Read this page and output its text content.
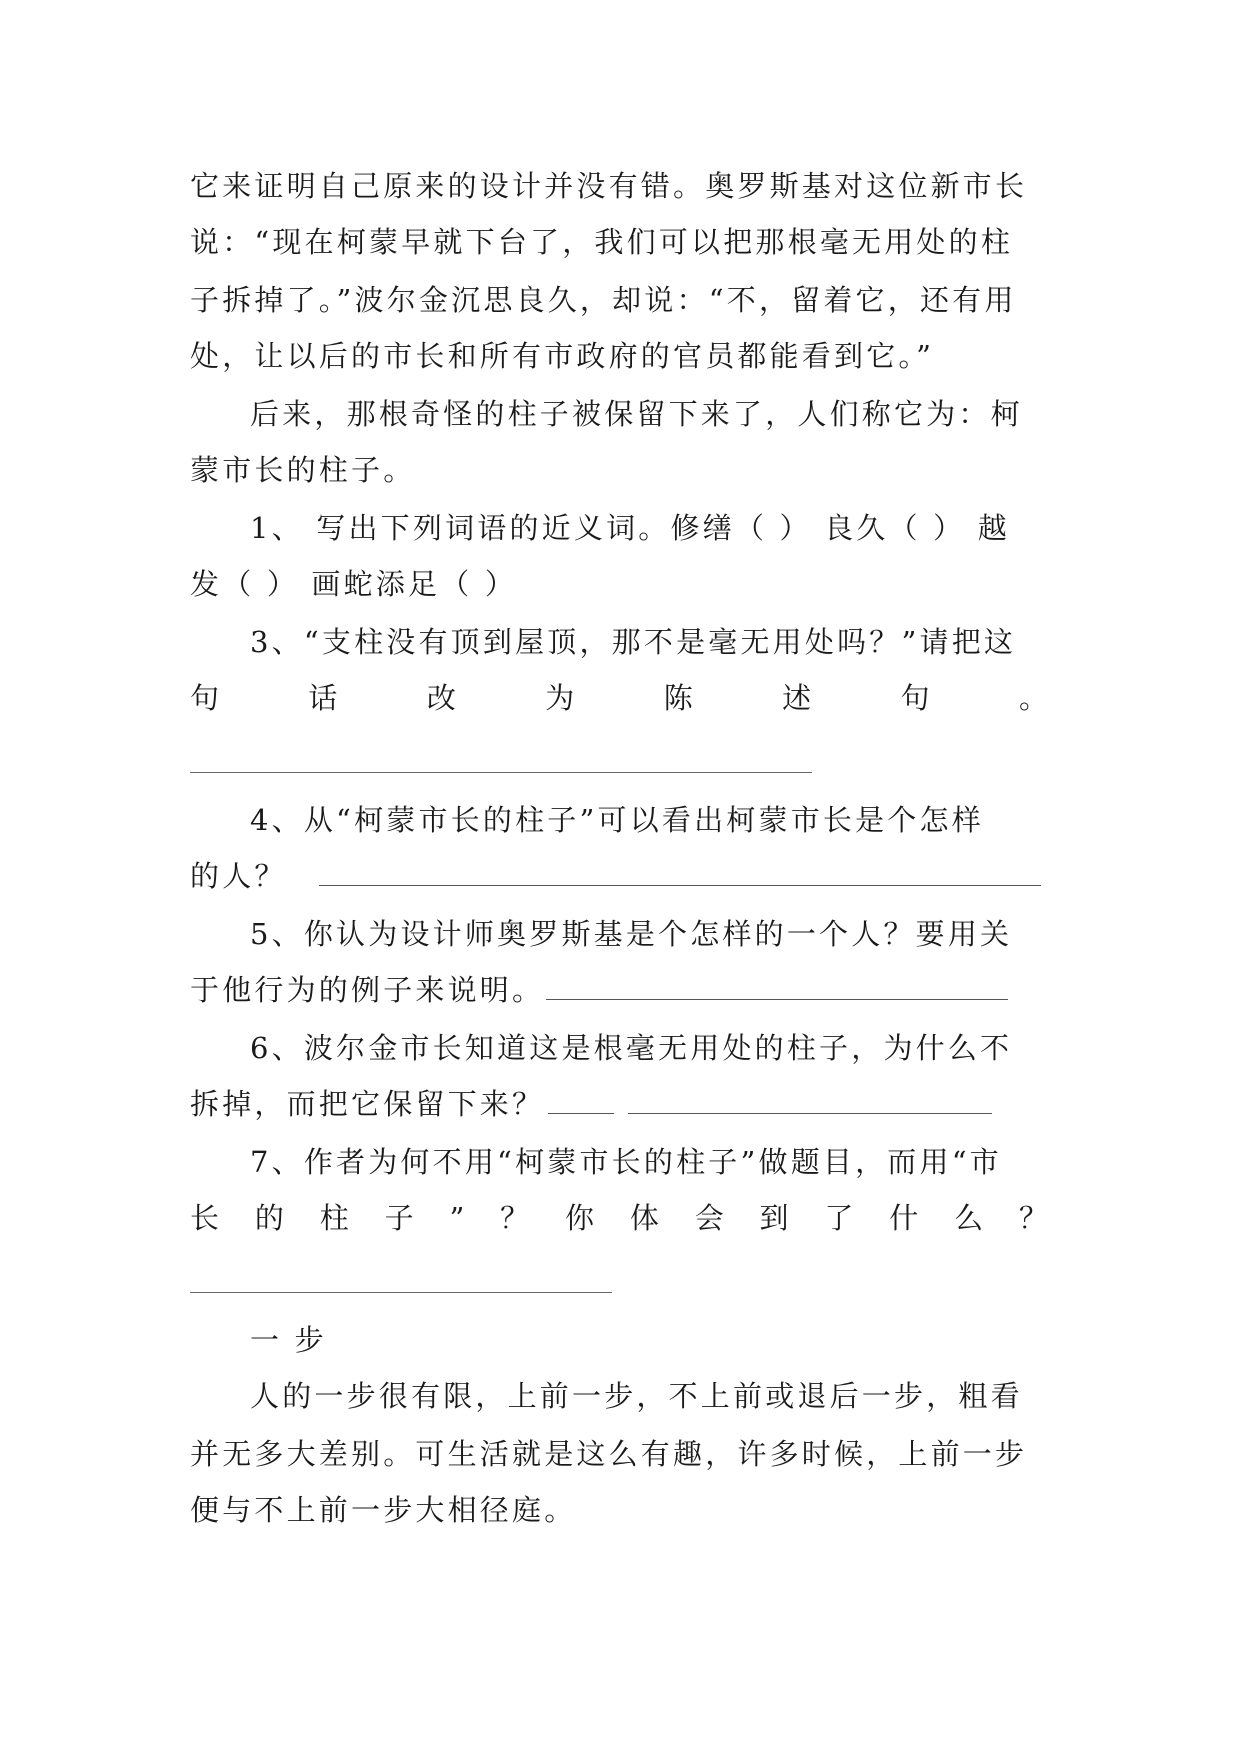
它来证明自己原来的设计并没有错。奥罗斯基对这位新市长
说：“现在柯蒙早就下台了，我们可以把那根毫无用处的柱
子拆掉了。”波尔金沉思良久，却说：“不，留着它，还有用
处，让以后的市长和所有市政府的官员都能看到它。”
后来，那根奇怪的柱子被保留下来了，人们称它为：柯
蒙市长的柱子。
1、 写出下列词语的近义词。修缮（ ） 良久（ ） 越
发（ ） 画蛇添足（ ）
3、“支柱没有顶到屋顶，那不是毫无用处吗？”请把这
句	话	改	为	陈	述	句	。
4、从“柯蒙市长的柱子”可以看出柯蒙市长是个怎样
的人？
5、你认为设计师奥罗斯基是个怎样的一个人？要用关
于他行为的例子来说明。
6、波尔金市长知道这是根毫无用处的柱子，为什么不
拆掉，而把它保留下来？
7、作者为何不用“柯蒙市长的柱子”做题目，而用“市
长 的 柱 子 ” ？ 你 体 会 到 了 什 么 ？
一 步
人的一步很有限，上前一步，不上前或退后一步，粗看
并无多大差别。可生活就是这么有趣，许多时候，上前一步
便与不上前一步大相径庭。
